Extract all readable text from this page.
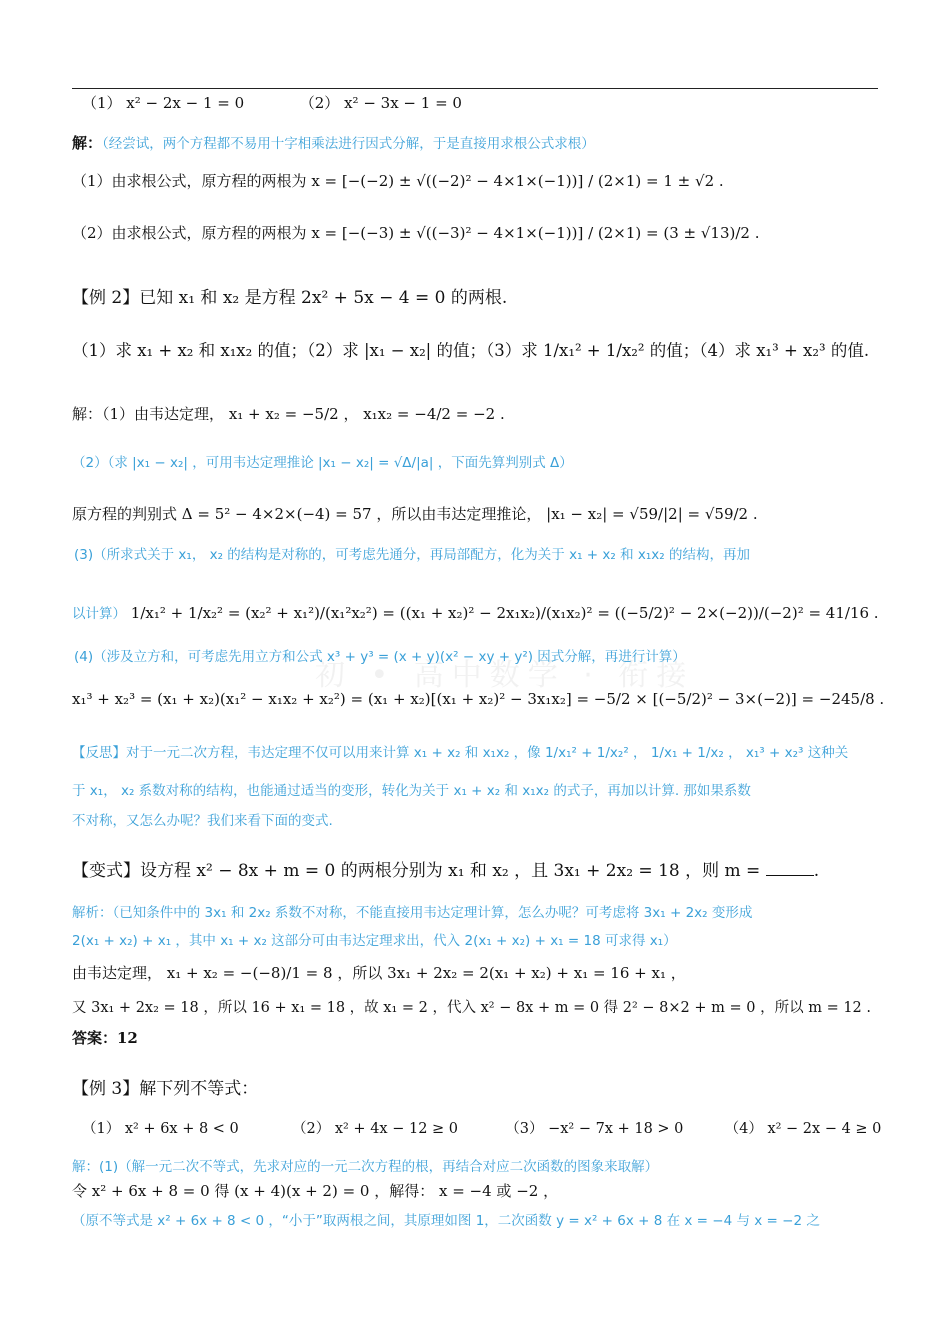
初 • 高中数学 · 衔接
（1） x² − 2x − 1 = 0	（2） x² − 3x − 1 = 0
解：（经尝试，两个方程都不易用十字相乘法进行因式分解，于是直接用求根公式求根）
（1）由求根公式，原方程的两根为 x = [−(−2) ± √((−2)² − 4×1×(−1))] / (2×1) = 1 ± √2 .
（2）由求根公式，原方程的两根为 x = [−(−3) ± √((−3)² − 4×1×(−1))] / (2×1) = (3 ± √13)/2 .
【例 2】已知 x₁ 和 x₂ 是方程 2x² + 5x − 4 = 0 的两根.
（1）求 x₁ + x₂ 和 x₁x₂ 的值；（2）求 |x₁ − x₂| 的值；（3）求 1/x₁² + 1/x₂² 的值；（4）求 x₁³ + x₂³ 的值.
解：（1）由韦达定理， x₁ + x₂ = −5/2 ， x₁x₂ = −4/2 = −2 .
（2）（求 |x₁ − x₂| ，可用韦达定理推论 |x₁ − x₂| = √Δ/|a| ，下面先算判别式 Δ）
原方程的判别式 Δ = 5² − 4×2×(−4) = 57 ，所以由韦达定理推论， |x₁ − x₂| = √59/|2| = √59/2 .
(3)（所求式关于 x₁， x₂ 的结构是对称的，可考虑先通分，再局部配方，化为关于 x₁ + x₂ 和 x₁x₂ 的结构，再加
以计算） 1/x₁² + 1/x₂² = (x₂² + x₁²)/(x₁²x₂²) = ((x₁ + x₂)² − 2x₁x₂)/(x₁x₂)² = ((−5/2)² − 2×(−2))/(−2)² = 41/16 .
(4)（涉及立方和，可考虑先用立方和公式 x³ + y³ = (x + y)(x² − xy + y²) 因式分解，再进行计算）
x₁³ + x₂³ = (x₁ + x₂)(x₁² − x₁x₂ + x₂²) = (x₁ + x₂)[(x₁ + x₂)² − 3x₁x₂] = −5/2 × [(−5/2)² − 3×(−2)] = −245/8 .
【反思】对于一元二次方程，韦达定理不仅可以用来计算 x₁ + x₂ 和 x₁x₂ ，像 1/x₁² + 1/x₂² ， 1/x₁ + 1/x₂ ， x₁³ + x₂³ 这种关
于 x₁， x₂ 系数对称的结构，也能通过适当的变形，转化为关于 x₁ + x₂ 和 x₁x₂ 的式子，再加以计算. 那如果系数
不对称，又怎么办呢？我们来看下面的变式.
【变式】设方程 x² − 8x + m = 0 的两根分别为 x₁ 和 x₂ ，且 3x₁ + 2x₂ = 18 ，则 m =	.
解析：（已知条件中的 3x₁ 和 2x₂ 系数不对称，不能直接用韦达定理计算，怎么办呢？可考虑将 3x₁ + 2x₂ 变形成
2(x₁ + x₂) + x₁ ，其中 x₁ + x₂ 这部分可由韦达定理求出，代入 2(x₁ + x₂) + x₁ = 18 可求得 x₁）
由韦达定理， x₁ + x₂ = −(−8)/1 = 8 ，所以 3x₁ + 2x₂ = 2(x₁ + x₂) + x₁ = 16 + x₁ ，
又 3x₁ + 2x₂ = 18 ，所以 16 + x₁ = 18 ，故 x₁ = 2 ，代入 x² − 8x + m = 0 得 2² − 8×2 + m = 0 ，所以 m = 12 .
答案：12
【例 3】解下列不等式：
（1） x² + 6x + 8 < 0	（2） x² + 4x − 12 ≥ 0	（3） −x² − 7x + 18 > 0	（4） x² − 2x − 4 ≥ 0
解：(1)（解一元二次不等式，先求对应的一元二次方程的根，再结合对应二次函数的图象来取解）
令 x² + 6x + 8 = 0 得 (x + 4)(x + 2) = 0 ，解得： x = −4 或 −2 ，
（原不等式是 x² + 6x + 8 < 0 ，“小于”取两根之间，其原理如图 1，二次函数 y = x² + 6x + 8 在 x = −4 与 x = −2 之
